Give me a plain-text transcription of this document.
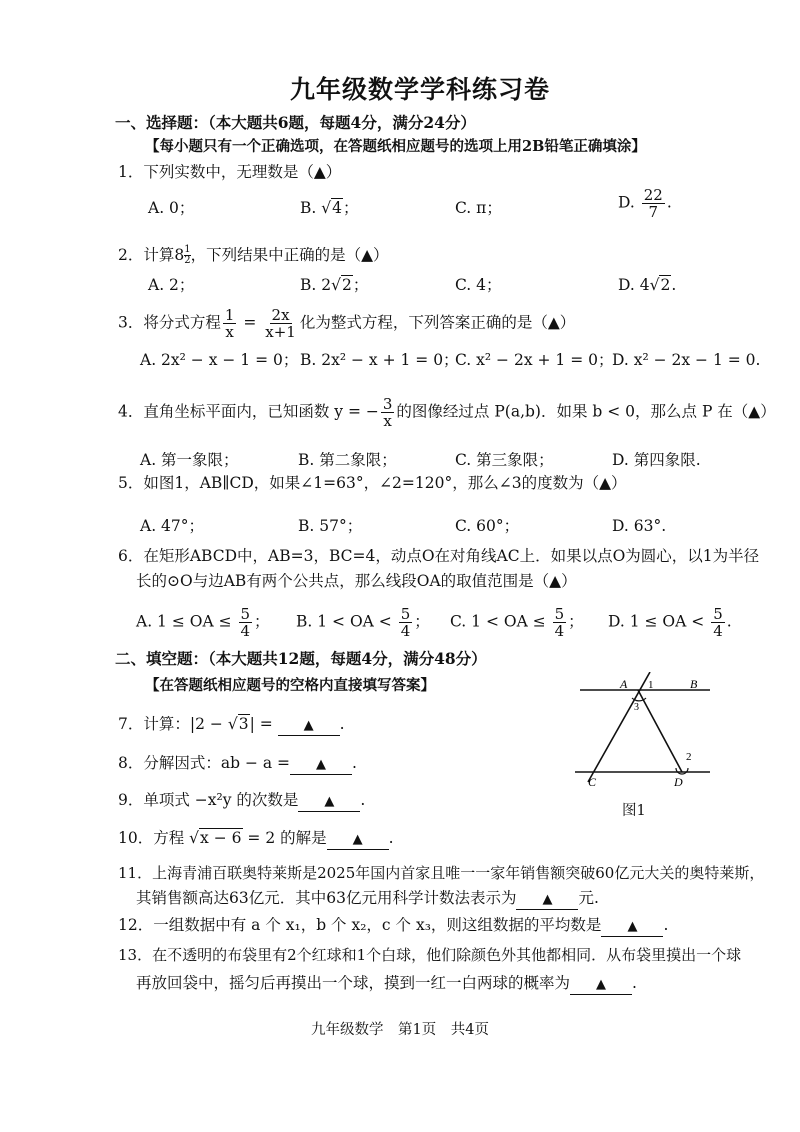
九年级数学学科练习卷
一、选择题：（本大题共6题，每题4分，满分24分）
【每小题只有一个正确选项，在答题纸相应题号的选项上用2B铅笔正确填涂】
1．下列实数中，无理数是（▲）
A. 0；	B. √4；	C. π；	D. $\frac{22}{7}$ .
2．计算8 $^{\frac{1}{2}}$ ，下列结果中正确的是（▲）
A. 2；	B. 2√2；	C. 4；	D. 4√2.
3．将分式方程 $\frac{1}{x} = \frac{2x}{x+1}$ 化为整式方程，下列答案正确的是（▲）
A. 2x² − x − 1 = 0； B. 2x² − x + 1 = 0；
C. x² − 2x + 1 = 0；
D. x² − 2x − 1 = 0.
4．直角坐标平面内，已知函数 y = − $\frac{3}{x}$ 的图像经过点 P(a,b)．如果 b < 0，那么点 P 在（▲）
A. 第一象限；	B. 第二象限；	C. 第三象限；	D. 第四象限.
5．如图1，AB∥CD，如果∠1=63°，∠2=120°，那么∠3的度数为（▲）
A. 47°；	B. 57°；	C. 60°；	D. 63°.
6．在矩形ABCD中，AB=3，BC=4，动点O在对角线AC上．如果以点O为圆心，以1为半径
长的⊙O与边AB有两个公共点，那么线段OA的取值范围是（▲）
A. 1 ≤ OA ≤ $\frac{5}{4}$ ； B. 1 < OA < $\frac{5}{4}$ ； C. 1 < OA ≤ $\frac{5}{4}$ ； D. 1 ≤ OA < $\frac{5}{4}$ .
二、填空题：（本大题共12题，每题4分，满分48分）
【在答题纸相应题号的空格内直接填写答案】
7．计算：|2 − √3| = ▲ .
8．分解因式：ab − a = ▲ .
9．单项式 −x²y 的次数是 ▲ .
10．方程 √x − 6 = 2 的解是 ▲ .
11．上海青浦百联奥特莱斯是2025年国内首家且唯一一家年销售额突破60亿元大关的奥特莱斯，
其销售额高达63亿元．其中63亿元用科学计数法表示为 ▲ 元.
12．一组数据中有 a 个 x₁，b 个 x₂，c 个 x₃，则这组数据的平均数是 ▲ .
13．在不透明的布袋里有2个红球和1个白球，他们除颜色外其他都相同．从布袋里摸出一个球
再放回袋中，摇匀后再摸出一个球，摸到一红一白两球的概率为 ▲ .
A	B
C	D
1
2
3
图1
九年级数学　第1页　共4页
